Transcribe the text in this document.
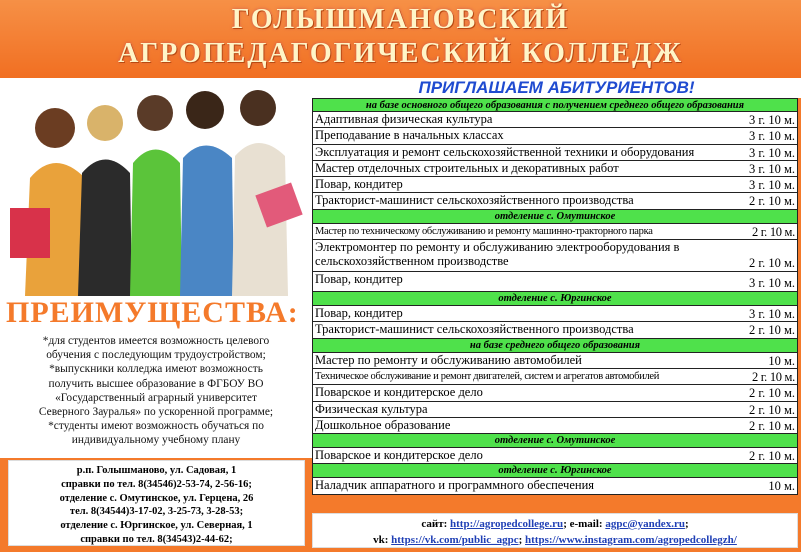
ГОЛЫШМАНОВСКИЙ
АГРОПЕДАГОГИЧЕСКИЙ КОЛЛЕДЖ
ПРЕИМУЩЕСТВА:
*для студентов имеется возможность целевого
обучения с последующим трудоустройством;
*выпускники колледжа имеют возможность
получить высшее образование в ФГБОУ ВО
«Государственный аграрный университет
Северного Зауралья» по ускоренной программе;
*студенты имеют возможность обучаться по
индивидуальному учебному плану
р.п. Голышманово, ул. Садовая, 1
справки по тел. 8(34546)2-53-74, 2-56-16;
отделение с. Омутинское, ул. Герцена, 26
тел. 8(34544)3-17-02, 3-25-73, 3-28-53;
отделение с. Юргинское, ул. Северная, 1
справки по тел. 8(34543)2-44-62;
ПРИГЛАШАЕМ АБИТУРИЕНТОВ!
на базе основного общего образования с получением среднего общего образования
Адаптивная физическая культура	3 г. 10 м.
Преподавание в начальных классах	3 г. 10 м.
Эксплуатация и ремонт сельскохозяйственной техники и оборудования	3 г. 10 м.
Мастер отделочных строительных и декоративных работ	3 г. 10 м.
Повар, кондитер	3 г. 10 м.
Тракторист-машинист сельскохозяйственного производства	2 г. 10 м.
отделение с. Омутинское
Мастер по техническому обслуживанию и ремонту машинно-тракторного парка	2 г. 10 м.
Электромонтер по ремонту и обслуживанию электрооборудования в сельскохозяйственном производстве	2 г. 10 м.
Повар, кондитер	3 г. 10 м.
отделение с. Юргинское
Повар, кондитер	3 г. 10 м.
Тракторист-машинист сельскохозяйственного производства	2 г. 10 м.
на базе среднего общего образования
Мастер по ремонту и обслуживанию автомобилей	10 м.
Техническое обслуживание и ремонт двигателей, систем и агрегатов автомобилей	2 г. 10 м.
Поварское и кондитерское дело	2 г. 10 м.
Физическая культура	2 г. 10 м.
Дошкольное образование	2 г. 10 м.
отделение с. Омутинское
Поварское и кондитерское дело	2 г. 10 м.
отделение с. Юргинское
Наладчик аппаратного и программного обеспечения	10 м.
сайт: http://agropedcollege.ru; e-mail: agpc@yandex.ru;
vk: https://vk.com/public_agpc; https://www.instagram.com/agropedcollegzh/
